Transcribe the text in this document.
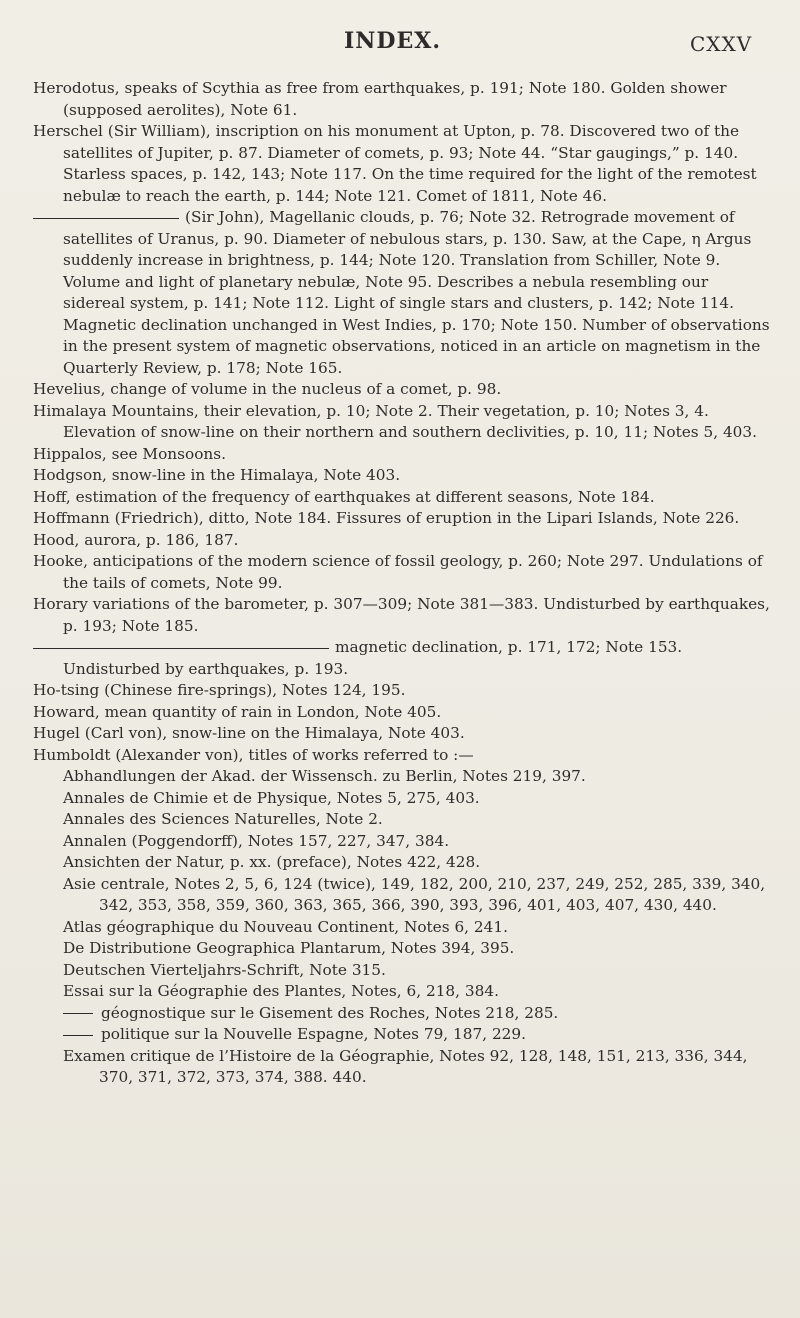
INDEX.	CXXV

Herodotus, speaks of Scythia as free from earthquakes, p. 191; Note 180. Golden shower (supposed aerolites), Note 61.

Herschel (Sir William), inscription on his monument at Upton, p. 78. Discovered two of the satellites of Jupiter, p. 87. Diameter of comets, p. 93; Note 44. “Star gaugings,” p. 140. Starless spaces, p. 142, 143; Note 117. On the time required for the light of the remotest nebulæ to reach the earth, p. 144; Note 121. Comet of 1811, Note 46.

(Sir John), Magellanic clouds, p. 76; Note 32. Retrograde movement of satellites of Uranus, p. 90. Diameter of nebulous stars, p. 130. Saw, at the Cape, η Argus suddenly increase in brightness, p. 144; Note 120. Translation from Schiller, Note 9. Volume and light of planetary nebulæ, Note 95. Describes a nebula resembling our sidereal system, p. 141; Note 112. Light of single stars and clusters, p. 142; Note 114. Magnetic declination unchanged in West Indies, p. 170; Note 150. Number of observations in the present system of magnetic observations, noticed in an article on magnetism in the Quarterly Review, p. 178; Note 165.

Hevelius, change of volume in the nucleus of a comet, p. 98.

Himalaya Mountains, their elevation, p. 10; Note 2. Their vegetation, p. 10; Notes 3, 4. Elevation of snow-line on their northern and southern declivities, p. 10, 11; Notes 5, 403.

Hippalos, see Monsoons.

Hodgson, snow-line in the Himalaya, Note 403.

Hoff, estimation of the frequency of earthquakes at different seasons, Note 184.

Hoffmann (Friedrich), ditto, Note 184. Fissures of eruption in the Lipari Islands, Note 226.

Hood, aurora, p. 186, 187.

Hooke, anticipations of the modern science of fossil geology, p. 260; Note 297. Undulations of the tails of comets, Note 99.

Horary variations of the barometer, p. 307—309; Note 381—383. Undisturbed by earthquakes, p. 193; Note 185.

magnetic declination, p. 171, 172; Note 153. Undisturbed by earthquakes, p. 193.

Ho-tsing (Chinese fire-springs), Notes 124, 195.

Howard, mean quantity of rain in London, Note 405.

Hugel (Carl von), snow-line on the Himalaya, Note 403.

Humboldt (Alexander von), titles of works referred to :—

Abhandlungen der Akad. der Wissensch. zu Berlin, Notes 219, 397.

Annales de Chimie et de Physique, Notes 5, 275, 403.

Annales des Sciences Naturelles, Note 2.

Annalen (Poggendorff), Notes 157, 227, 347, 384.

Ansichten der Natur, p. xx. (preface), Notes 422, 428.

Asie centrale, Notes 2, 5, 6, 124 (twice), 149, 182, 200, 210, 237, 249, 252, 285, 339, 340, 342, 353, 358, 359, 360, 363, 365, 366, 390, 393, 396, 401, 403, 407, 430, 440.

Atlas géographique du Nouveau Continent, Notes 6, 241.

De Distributione Geographica Plantarum, Notes 394, 395.

Deutschen Vierteljahrs-Schrift, Note 315.

Essai sur la Géographie des Plantes, Notes, 6, 218, 384.

géognostique sur le Gisement des Roches, Notes 218, 285.

politique sur la Nouvelle Espagne, Notes 79, 187, 229.

Examen critique de l’Histoire de la Géographie, Notes 92, 128, 148, 151, 213, 336, 344, 370, 371, 372, 373, 374, 388. 440.
